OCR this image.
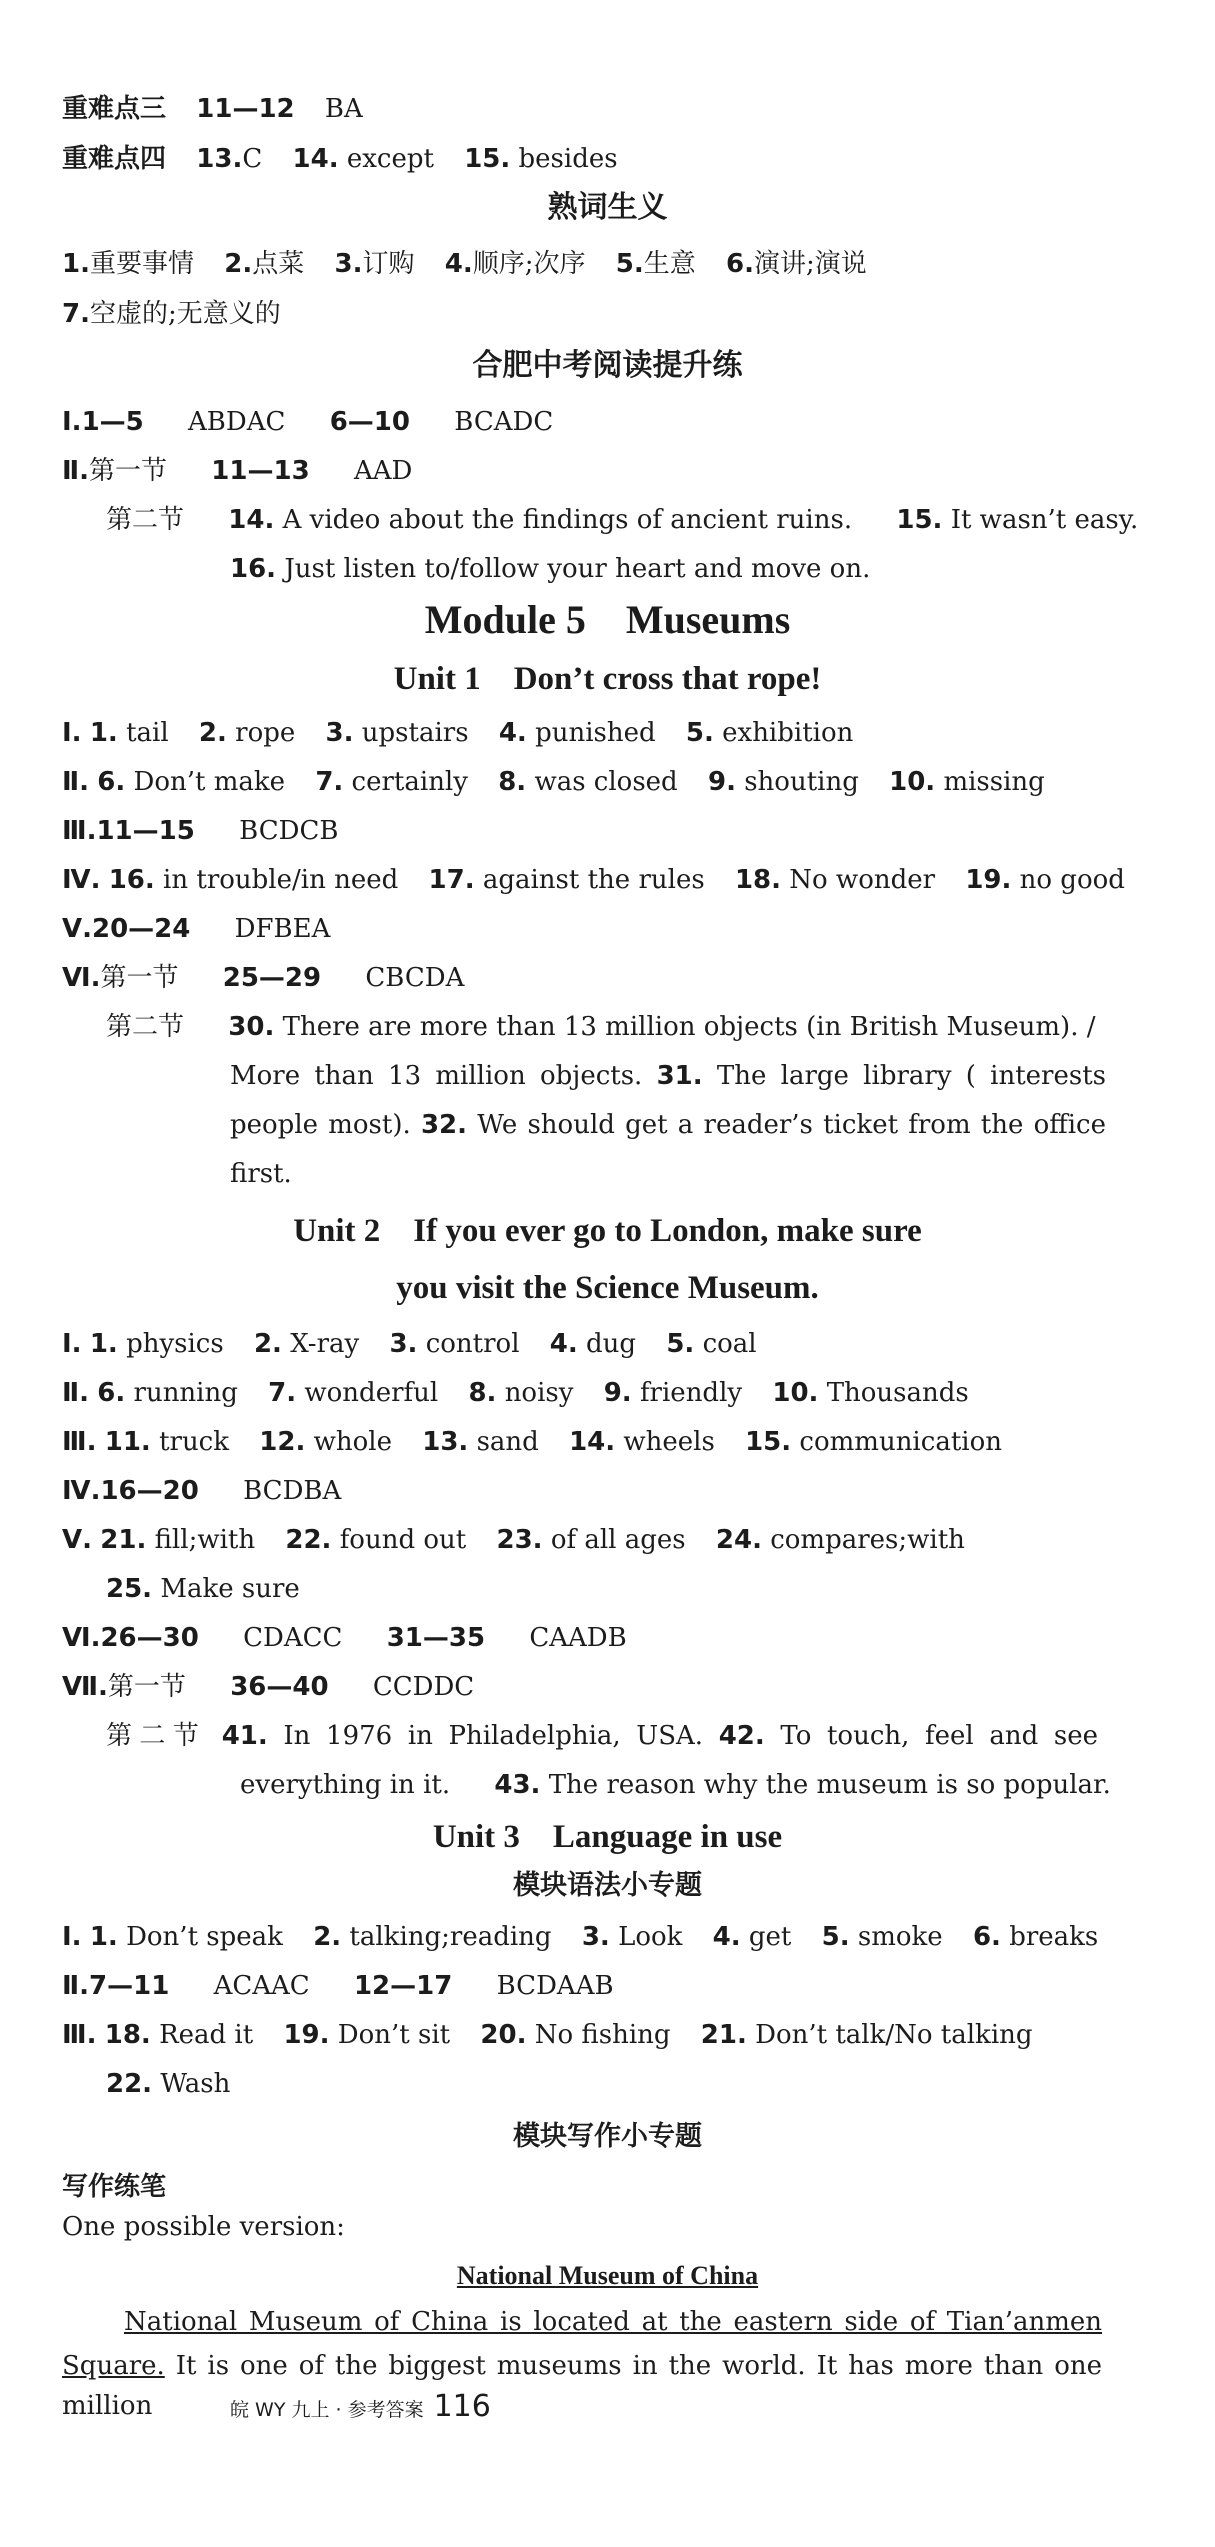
重难点三 11—12 BA
重难点四 13.C 14. except 15. besides
熟词生义
1.重要事情 2.点菜 3.订购 4.顺序;次序 5.生意 6.演讲;演说
7.空虚的;无意义的
合肥中考阅读提升练
Ⅰ.1—5 ABDAC 6—10 BCADC
Ⅱ.第一节 11—13 AAD
第二节 14. A video about the findings of ancient ruins. 15. It wasn’t easy.
16. Just listen to/follow your heart and move on.
Module 5　Museums
Unit 1　Don’t cross that rope!
Ⅰ. 1. tail 2. rope 3. upstairs 4. punished 5. exhibition
Ⅱ. 6. Don’t make 7. certainly 8. was closed 9. shouting 10. missing
Ⅲ.11—15 BCDCB
Ⅳ. 16. in trouble/in need 17. against the rules 18. No wonder 19. no good
Ⅴ.20—24 DFBEA
Ⅵ.第一节 25—29 CBCDA
第二节 30. There are more than 13 million objects (in British Museum). /
More than 13 million objects. 31. The large library ( interests
people most). 32. We should get a reader’s ticket from the office
first.
Unit 2　If you ever go to London, make sure
you visit the Science Museum.
Ⅰ. 1. physics 2. X-ray 3. control 4. dug 5. coal
Ⅱ. 6. running 7. wonderful 8. noisy 9. friendly 10. Thousands
Ⅲ. 11. truck 12. whole 13. sand 14. wheels 15. communication
Ⅳ.16—20 BCDBA
Ⅴ. 21. fill;with 22. found out 23. of all ages 24. compares;with
25. Make sure
Ⅵ.26—30 CDACC 31—35 CAADB
Ⅶ.第一节 36—40 CCDDC
第二节 41. In 1976 in Philadelphia, USA. 42. To touch, feel and see
everything in it. 43. The reason why the museum is so popular.
Unit 3　Language in use
模块语法小专题
Ⅰ. 1. Don’t speak 2. talking;reading 3. Look 4. get 5. smoke 6. breaks
Ⅱ.7—11 ACAAC 12—17 BCDAAB
Ⅲ. 18. Read it 19. Don’t sit 20. No fishing 21. Don’t talk/No talking
22. Wash
模块写作小专题
写作练笔
One possible version:
National Museum of China
National Museum of China is located at the eastern side of Tian’anmen
Square. It is one of the biggest museums in the world. It has more than one million	皖 WY 九上 · 参考答案 116
